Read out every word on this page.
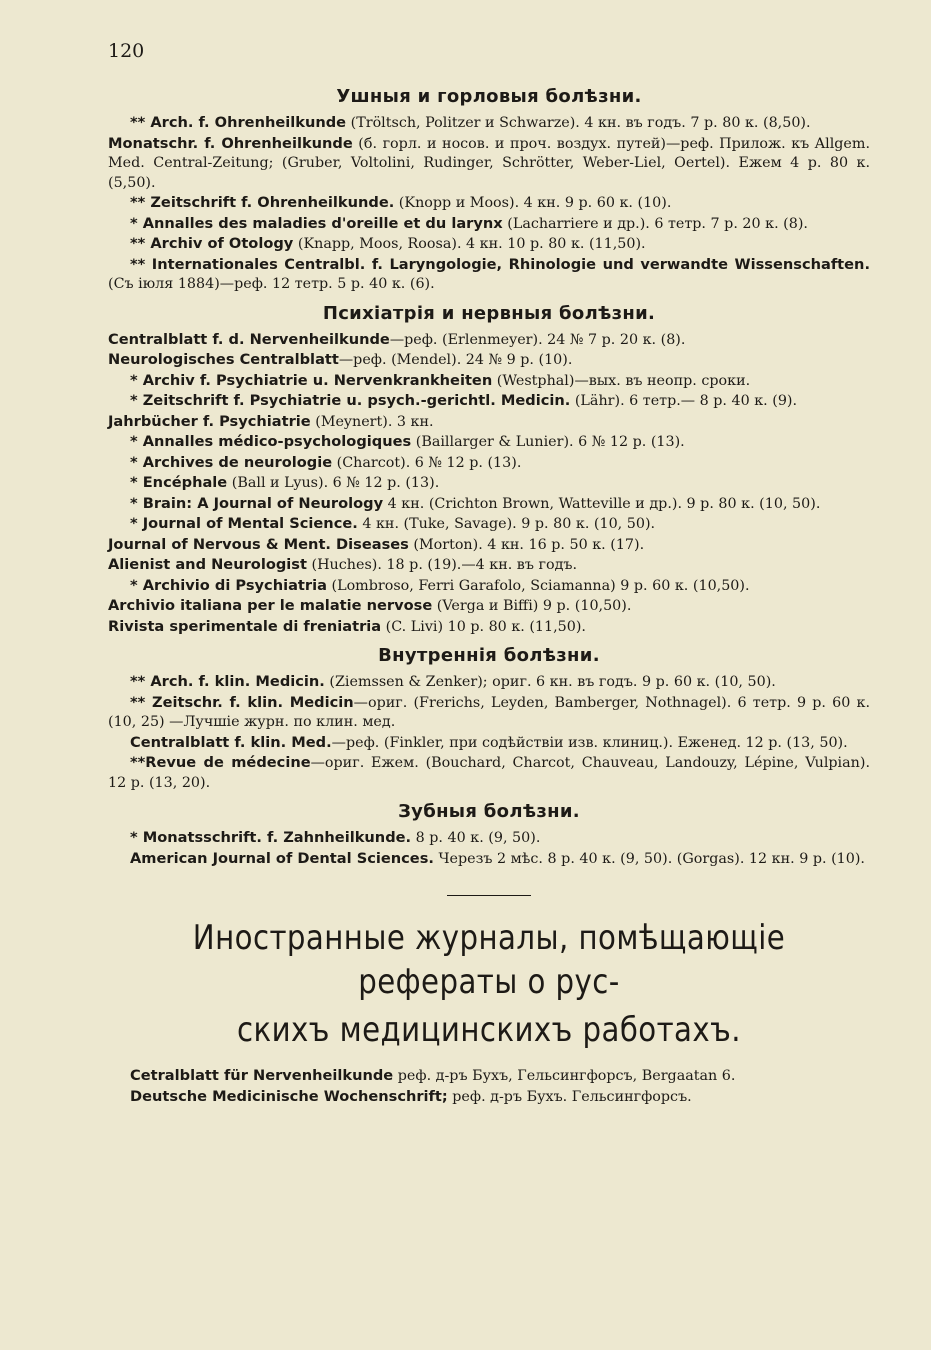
120
Ушныя и горловыя болѣзни.

** Arch. f. Ohrenheilkunde (Tröltsch, Politzer и Schwarze). 4 кн. въ годъ. 7 р. 80 к. (8,50).

Monatschr. f. Ohrenheilkunde (б. горл. и носов. и проч. воздух. путей)—реф. Прилож. къ Allgem. Med. Central-Zeitung; (Gruber, Voltolini, Rudinger, Schrötter, Weber-Liel, Oertel). Ежем 4 р. 80 к. (5,50).

** Zeitschrift f. Ohrenheilkunde. (Knopp и Moos). 4 кн. 9 р. 60 к. (10).

* Annalles des maladies d'oreille et du larynx (Lacharriere и др.). 6 тетр. 7 р. 20 к. (8).

** Archiv of Otology (Knapp, Moos, Roosa). 4 кн. 10 р. 80 к. (11,50).

** Internationales Centralbl. f. Laryngologie, Rhinologie und verwandte Wissenschaften. (Съ іюля 1884)—реф. 12 тетр. 5 р. 40 к. (6).

Психіатрія и нервныя болѣзни.

Centralblatt f. d. Nervenheilkunde—реф. (Erlenmeyer). 24 № 7 р. 20 к. (8).

Neurologisches Centralblatt—реф. (Mendel). 24 № 9 р. (10).

* Archiv f. Psychiatrie u. Nervenkrankheiten (Westphal)—вых. въ неопр. сроки.

* Zeitschrift f. Psychiatrie u. psych.-gerichtl. Medicin. (Lähr). 6 тетр.— 8 р. 40 к. (9).

Jahrbücher f. Psychiatrie (Meynert). 3 кн.

* Annalles médico-psychologiques (Baillarger & Lunier). 6 № 12 р. (13).

* Archives de neurologie (Charcot). 6 № 12 р. (13).

* Encéphale (Ball и Lyus). 6 № 12 р. (13).

* Brain: A Journal of Neurology 4 кн. (Crichton Brown, Watteville и др.). 9 р. 80 к. (10, 50).

* Journal of Mental Science. 4 кн. (Tuke, Savage). 9 р. 80 к. (10, 50).

Journal of Nervous & Ment. Diseases (Morton). 4 кн. 16 р. 50 к. (17).

Alienist and Neurologist (Huches). 18 р. (19).—4 кн. въ годъ.

* Archivio di Psychiatria (Lombroso, Ferri Garafolo, Sciamanna) 9 р. 60 к. (10,50).

Archivio italiana per le malatie nervose (Verga и Biffi) 9 р. (10,50).

Rivista sperimentale di freniatria (C. Livi) 10 р. 80 к. (11,50).

Внутреннія болѣзни.

** Arch. f. klin. Medicin. (Ziemssen & Zenker); ориг. 6 кн. въ годъ. 9 р. 60 к. (10, 50).

** Zeitschr. f. klin. Medicin—ориг. (Frerichs, Leyden, Bamberger, Nothnagel). 6 тетр. 9 р. 60 к. (10, 25) —Лучшіе журн. по клин. мед.

Centralblatt f. klin. Med.—реф. (Finkler, при содѣйствіи изв. клиниц.). Еженед. 12 р. (13, 50).

**Revue de médecine—ориг. Ежем. (Bouchard, Charcot, Chauveau, Landouzy, Lépine, Vulpian). 12 р. (13, 20).

Зубныя болѣзни.

* Monatsschrift. f. Zahnheilkunde. 8 р. 40 к. (9, 50).

American Journal of Dental Sciences. Черезъ 2 мѣс. 8 р. 40 к. (9, 50). (Gorgas). 12 кн. 9 р. (10).

Иностранные журналы, помѣщающіе рефераты о рус-

скихъ медицинскихъ работахъ.

Cetralblatt für Nervenheilkunde реф. д-ръ Бухъ, Гельсингфорсъ, Bergaatan 6.

Deutsche Medicinische Wochenschrift; реф. д-ръ Бухъ. Гельсингфорсъ.
